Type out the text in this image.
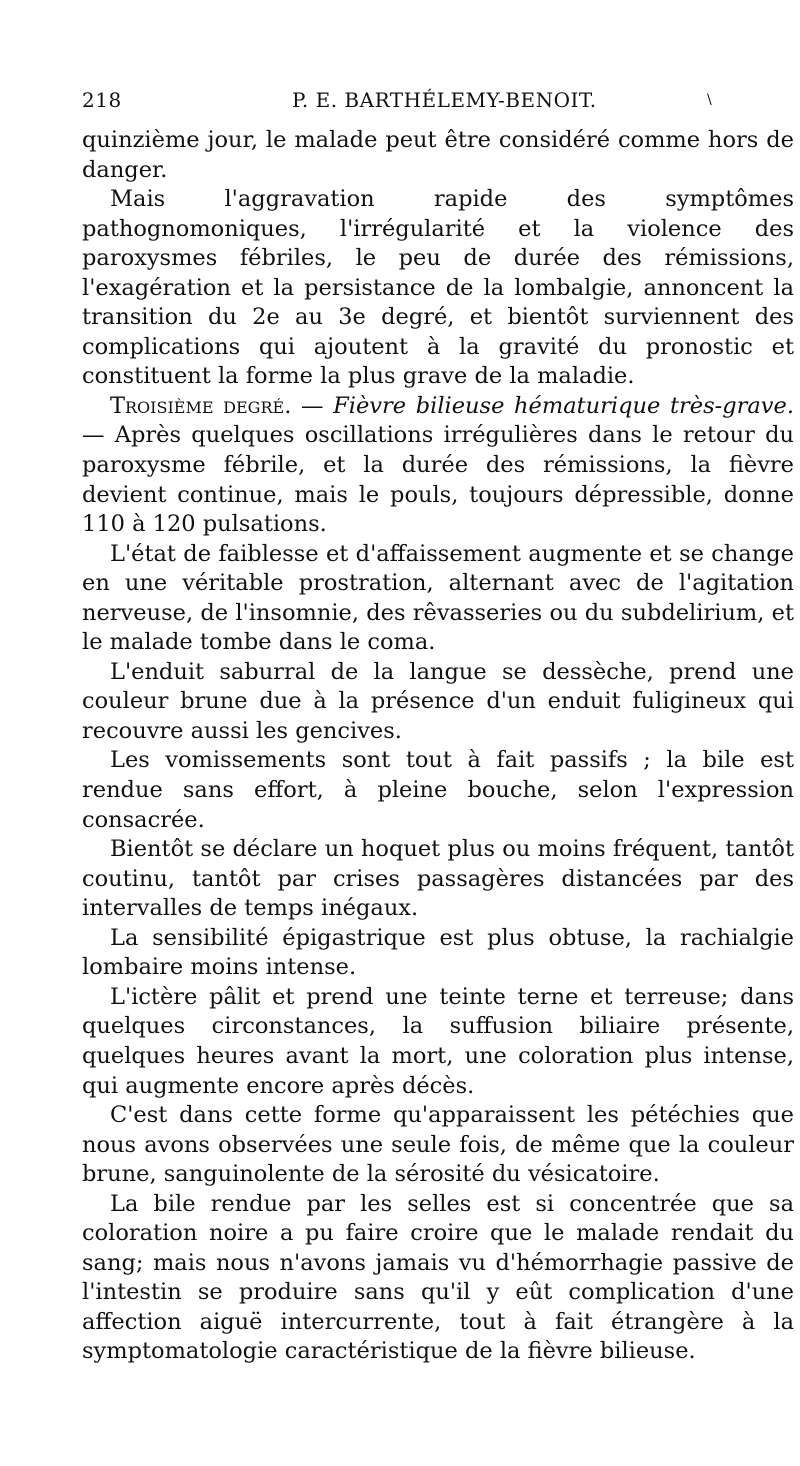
218	P. E. BARTHÉLEMY-BENOIT.	\

quinzième jour, le malade peut être considéré comme hors de danger.

Mais l'aggravation rapide des symptômes pathognomoniques, l'irrégularité et la violence des paroxysmes fébriles, le peu de durée des rémissions, l'exagération et la persistance de la lombalgie, annoncent la transition du 2e au 3e degré, et bientôt surviennent des complications qui ajoutent à la gravité du pronostic et constituent la forme la plus grave de la maladie.

Troisième degré. — Fièvre bilieuse hématurique très-grave. — Après quelques oscillations irrégulières dans le retour du paroxysme fébrile, et la durée des rémissions, la fièvre devient continue, mais le pouls, toujours dépressible, donne 110 à 120 pulsations.

L'état de faiblesse et d'affaissement augmente et se change en une véritable prostration, alternant avec de l'agitation nerveuse, de l'insomnie, des rêvasseries ou du subdelirium, et le malade tombe dans le coma.

L'enduit saburral de la langue se dessèche, prend une couleur brune due à la présence d'un enduit fuligineux qui recouvre aussi les gencives.

Les vomissements sont tout à fait passifs ; la bile est rendue sans effort, à pleine bouche, selon l'expression consacrée.

Bientôt se déclare un hoquet plus ou moins fréquent, tantôt coutinu, tantôt par crises passagères distancées par des intervalles de temps inégaux.

La sensibilité épigastrique est plus obtuse, la rachialgie lombaire moins intense.

L'ictère pâlit et prend une teinte terne et terreuse; dans quelques circonstances, la suffusion biliaire présente, quelques heures avant la mort, une coloration plus intense, qui augmente encore après décès.

C'est dans cette forme qu'apparaissent les pétéchies que nous avons observées une seule fois, de même que la couleur brune, sanguinolente de la sérosité du vésicatoire.

La bile rendue par les selles est si concentrée que sa coloration noire a pu faire croire que le malade rendait du sang; mais nous n'avons jamais vu d'hémorrhagie passive de l'intestin se produire sans qu'il y eût complication d'une affection aiguë intercurrente, tout à fait étrangère à la symptomatologie caractéristique de la fièvre bilieuse.
